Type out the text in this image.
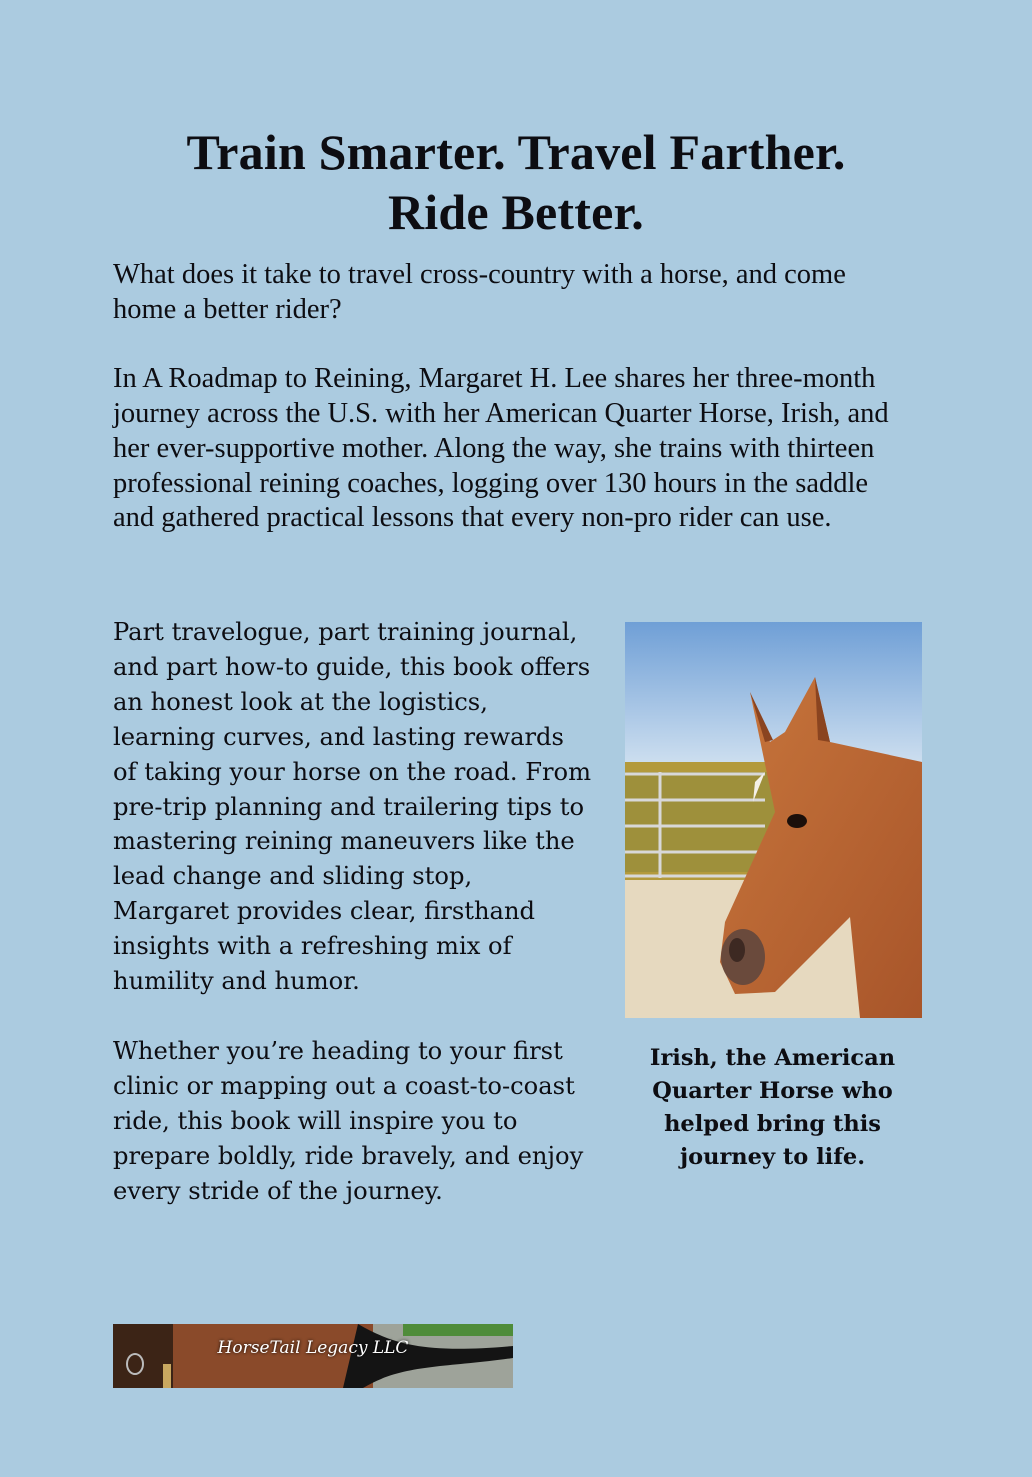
Train Smarter. Travel Farther.
Ride Better.

What does it take to travel cross-country with a horse, and come home a better rider?

In A Roadmap to Reining, Margaret H. Lee shares her three-month journey across the U.S. with her American Quarter Horse, Irish, and her ever-supportive mother. Along the way, she trains with thirteen professional reining coaches, logging over 130 hours in the saddle and gathered practical lessons that every non-pro rider can use.

Part travelogue, part training journal, and part how-to guide, this book offers an honest look at the logistics, learning curves, and lasting rewards of taking your horse on the road. From pre-trip planning and trailering tips to mastering reining maneuvers like the lead change and sliding stop, Margaret provides clear, firsthand insights with a refreshing mix of humility and humor.

Whether you’re heading to your first clinic or mapping out a coast-to-coast ride, this book will inspire you to prepare boldly, ride bravely, and enjoy every stride of the journey.

Irish, the American Quarter Horse who helped bring this journey to life.
HorseTail Legacy LLC
